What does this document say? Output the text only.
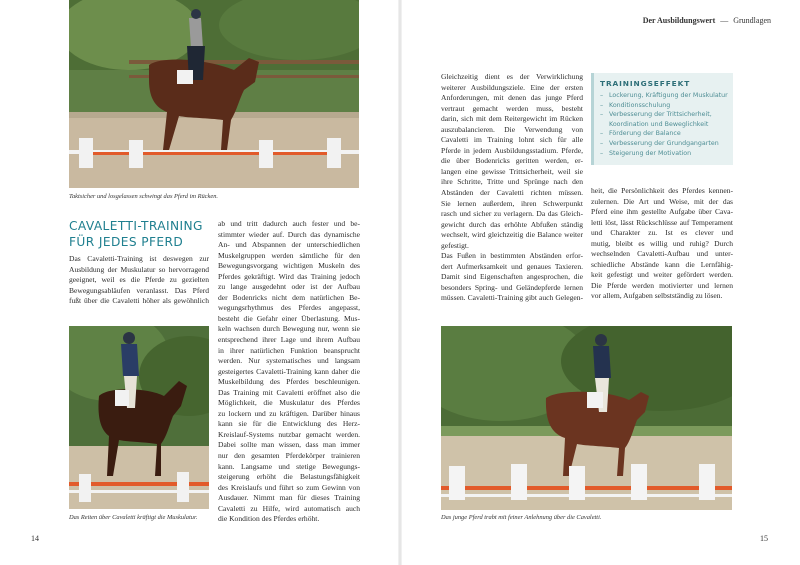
Der Ausbildungswert — Grundlagen
Taktsicher und losgelassen schwingt das Pferd im Rücken.
CAVALETTI-TRAINING
FÜR JEDES PFERD
Das Cavaletti-Training ist deswegen zur
Ausbildung der Muskulatur so hervorragend
geeignet, weil es die Pferde zu gezielten
Bewegungsabläufen veranlasst. Das Pferd
fußt über die Cavaletti höher als gewöhnlich
Das Reiten über Cavaletti kräftigt die Muskulatur.
ab und tritt dadurch auch fester und be-
stimmter wieder auf. Durch das dynamische
An- und Abspannen der unterschiedlichen
Muskelgruppen werden sämtliche für den
Bewegungsvorgang wichtigen Muskeln des
Pferdes gekräftigt. Wird das Training jedoch
zu lange ausgedehnt oder ist der Aufbau
der Bodenricks nicht dem natürlichen Be-
wegungsrhythmus des Pferdes angepasst,
besteht die Gefahr einer Überlastung. Mus-
keln wachsen durch Bewegung nur, wenn sie
entsprechend ihrer Lage und ihrem Aufbau
in ihrer natürlichen Funktion beansprucht
werden. Nur systematisches und langsam
gesteigertes Cavaletti-Training kann daher die
Muskelbildung des Pferdes beschleunigen.
Das Training mit Cavaletti eröffnet also die
Möglichkeit, die Muskulatur des Pferdes
zu lockern und zu kräftigen. Darüber hinaus
kann sie für die Entwicklung des Herz-
Kreislauf-Systems nutzbar gemacht werden.
Dabei sollte man wissen, dass man immer
nur den gesamten Pferdekörper trainieren
kann. Langsame und stetige Bewegungs-
steigerung erhöht die Belastungsfähigkeit
des Kreislaufs und führt so zum Gewinn von
Ausdauer. Nimmt man für dieses Training
Cavaletti zu Hilfe, wird automatisch auch
die Kondition des Pferdes erhöht.
Gleichzeitig dient es der Verwirklichung
weiterer Ausbildungsziele. Eine der ersten
Anforderungen, mit denen das junge Pferd
vertraut gemacht werden muss, besteht
darin, sich mit dem Reitergewicht im Rücken
auszubalancieren. Die Verwendung von
Cavaletti im Training lohnt sich für alle
Pferde in jedem Ausbildungsstadium. Pferde,
die über Bodenricks geritten werden, er-
langen eine gewisse Trittsicherheit, weil sie
ihre Schritte, Tritte und Sprünge nach den
Abständen der Cavaletti richten müssen.
Sie lernen außerdem, ihren Schwerpunkt
rasch und sicher zu verlagern. Da das Gleich-
gewicht durch das erhöhte Abfußen ständig
wechselt, wird gleichzeitig die Balance weiter
gefestigt.
Das Fußen in bestimmten Abständen erfor-
dert Aufmerksamkeit und genaues Taxieren.
Damit sind Eigenschaften angesprochen, die
besonders Spring- und Geländepferde lernen
müssen. Cavaletti-Training gibt auch Gelegen-
TRAININGSEFFEKT
– Lockerung, Kräftigung der Muskulatur
– Konditionsschulung
– Verbesserung der Trittsicherheit,
Koordination und Beweglichkeit
– Förderung der Balance
– Verbesserung der Grundgangarten
– Steigerung der Motivation
heit, die Persönlichkeit des Pferdes kennen-
zulernen. Die Art und Weise, mit der das
Pferd eine ihm gestellte Aufgabe über Cava-
letti löst, lässt Rückschlüsse auf Temperament
und Charakter zu. Ist es clever und
mutig, bleibt es willig und ruhig? Durch
wechselnden Cavaletti-Aufbau und unter-
schiedliche Abstände kann die Lernfähig-
keit gefestigt und weiter gefördert werden.
Die Pferde werden motivierter und lernen
vor allem, Aufgaben selbstständig zu lösen.
Das junge Pferd trabt mit feiner Anlehnung über die Cavaletti.
14	15
